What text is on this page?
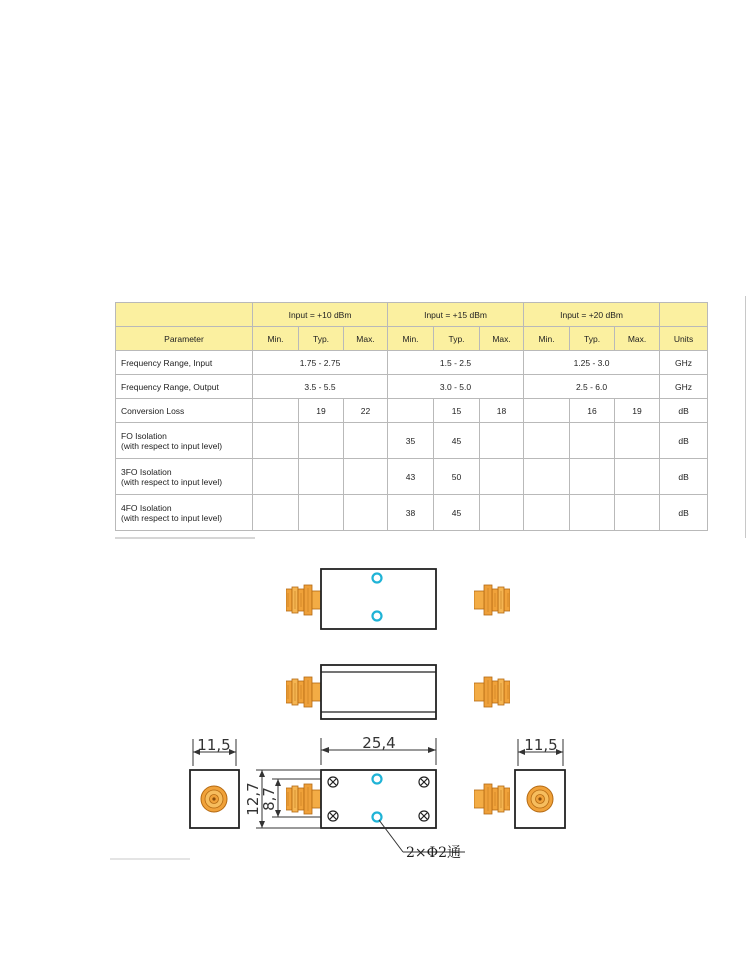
	Input = +10 dBm			Input = +15 dBm			Input = +20 dBm			
Parameter	Min.	Typ.	Max.	Min.	Typ.	Max.	Min.	Typ.	Max.	Units
Frequency Range, Input	1.75 - 2.75			1.5 - 2.5			1.25 - 3.0			GHz
Frequency Range, Output	3.5 - 5.5			3.0 - 5.0			2.5 - 6.0			GHz
Conversion Loss		19	22		15	18		16	19	dB
FO Isolation
(with respect to input level)				35	45					dB
3FO Isolation
(with respect to input level)				43	50					dB
4FO Isolation
(with respect to input level)				38	45					dB
11,5	25,4
12,7
8,7
2×Φ2通
11,5
